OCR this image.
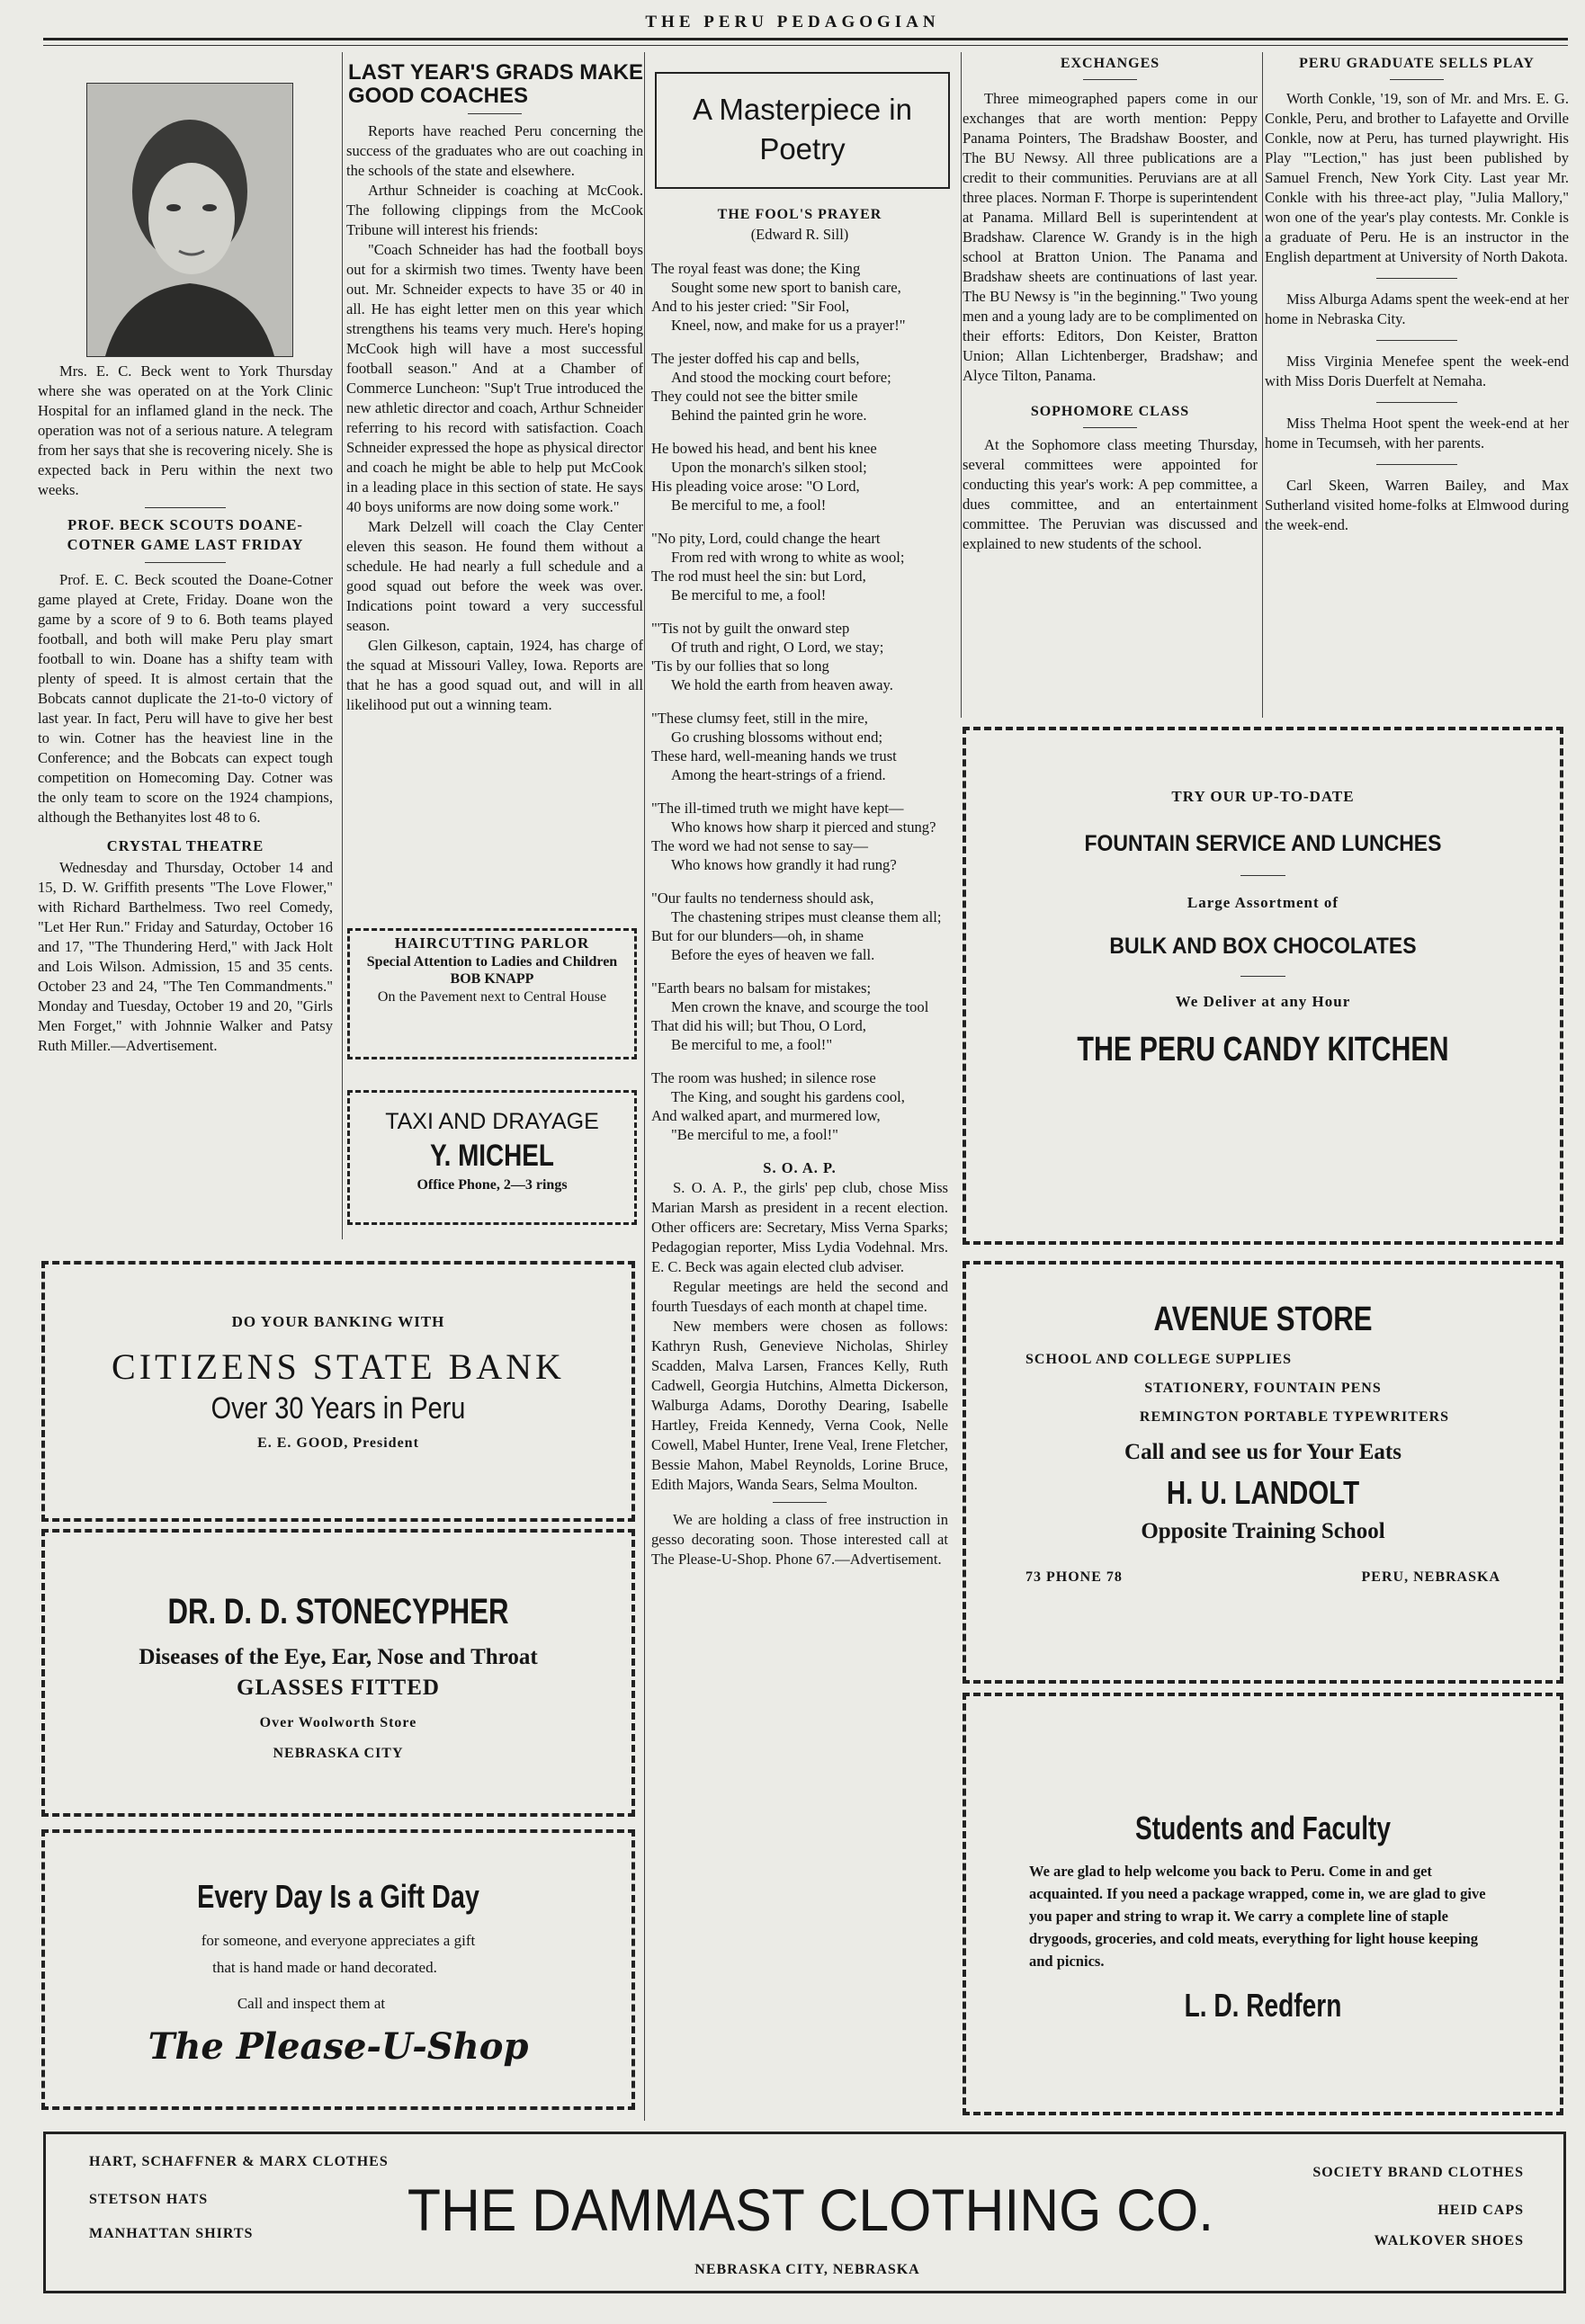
THE PERU PEDAGOGIAN

Mrs. E. C. Beck went to York Thursday where she was operated on at the York Clinic Hospital for an inflamed gland in the neck. The operation was not of a serious nature. A telegram from her says that she is recovering nicely. She is expected back in Peru within the next two weeks.

PROF. BECK SCOUTS DOANE-COTNER GAME LAST FRIDAY

Prof. E. C. Beck scouted the Doane-Cotner game played at Crete, Friday. Doane won the game by a score of 9 to 6. Both teams played football, and both will make Peru play smart football to win. Doane has a shifty team with plenty of speed. It is almost certain that the Bobcats cannot duplicate the 21-to-0 victory of last year. In fact, Peru will have to give her best to win. Cotner has the heaviest line in the Conference; and the Bobcats can expect tough competition on Homecoming Day. Cotner was the only team to score on the 1924 champions, although the Bethanyites lost 48 to 6.

CRYSTAL THEATRE

Wednesday and Thursday, October 14 and 15, D. W. Griffith presents "The Love Flower," with Richard Barthelmess. Two reel Comedy, "Let Her Run." Friday and Saturday, October 16 and 17, "The Thundering Herd," with Jack Holt and Lois Wilson. Admission, 15 and 35 cents. October 23 and 24, "The Ten Commandments." Monday and Tuesday, October 19 and 20, "Girls Men Forget," with Johnnie Walker and Patsy Ruth Miller.—Advertisement.

LAST YEAR'S GRADS MAKE GOOD COACHES

Reports have reached Peru concerning the success of the graduates who are out coaching in the schools of the state and elsewhere.

Arthur Schneider is coaching at McCook. The following clippings from the McCook Tribune will interest his friends:

"Coach Schneider has had the football boys out for a skirmish two times. Twenty have been out. Mr. Schneider expects to have 35 or 40 in all. He has eight letter men on this year which strengthens his teams very much. Here's hoping McCook high will have a most successful football season." And at a Chamber of Commerce Luncheon: "Sup't True introduced the new athletic director and coach, Arthur Schneider referring to his record with satisfaction. Coach Schneider expressed the hope as physical director and coach he might be able to help put McCook in a leading place in this section of state. He says 40 boys uniforms are now doing some work."

Mark Delzell will coach the Clay Center eleven this season. He found them without a schedule. He had nearly a full schedule and a good squad out before the week was over. Indications point toward a very successful season.

Glen Gilkeson, captain, 1924, has charge of the squad at Missouri Valley, Iowa. Reports are that he has a good squad out, and will in all likelihood put out a winning team.

HAIRCUTTING PARLOR
Special Attention to Ladies and Children
BOB KNAPP
On the Pavement next to Central House
TAXI AND DRAYAGE
Y. MICHEL
Office Phone, 2—3 rings
A Masterpiece in Poetry
THE FOOL'S PRAYER
(Edward R. Sill)

The royal feast was done; the King
Sought some new sport to banish care,
And to his jester cried: "Sir Fool,
Kneel, now, and make for us a prayer!"

The jester doffed his cap and bells,
And stood the mocking court before;
They could not see the bitter smile
Behind the painted grin he wore.

He bowed his head, and bent his knee
Upon the monarch's silken stool;
His pleading voice arose: "O Lord,
Be merciful to me, a fool!

"No pity, Lord, could change the heart
From red with wrong to white as wool;
The rod must heel the sin: but Lord,
Be merciful to me, a fool!

"'Tis not by guilt the onward step
Of truth and right, O Lord, we stay;
'Tis by our follies that so long
We hold the earth from heaven away.

"These clumsy feet, still in the mire,
Go crushing blossoms without end;
These hard, well-meaning hands we trust
Among the heart-strings of a friend.

"The ill-timed truth we might have kept—
Who knows how sharp it pierced and stung?
The word we had not sense to say—
Who knows how grandly it had rung?

"Our faults no tenderness should ask,
The chastening stripes must cleanse them all;
But for our blunders—oh, in shame
Before the eyes of heaven we fall.

"Earth bears no balsam for mistakes;
Men crown the knave, and scourge the tool
That did his will; but Thou, O Lord,
Be merciful to me, a fool!"

The room was hushed; in silence rose
The King, and sought his gardens cool,
And walked apart, and murmered low,
"Be merciful to me, a fool!"

S. O. A. P.

S. O. A. P., the girls' pep club, chose Miss Marian Marsh as president in a recent election. Other officers are: Secretary, Miss Verna Sparks; Pedagogian reporter, Miss Lydia Vodehnal. Mrs. E. C. Beck was again elected club adviser.

Regular meetings are held the second and fourth Tuesdays of each month at chapel time.

New members were chosen as follows: Kathryn Rush, Genevieve Nicholas, Shirley Scadden, Malva Larsen, Frances Kelly, Ruth Cadwell, Georgia Hutchins, Almetta Dickerson, Walburga Adams, Dorothy Dearing, Isabelle Hartley, Freida Kennedy, Verna Cook, Nelle Cowell, Mabel Hunter, Irene Veal, Irene Fletcher, Bessie Mahon, Mabel Reynolds, Lorine Bruce, Edith Majors, Wanda Sears, Selma Moulton.

We are holding a class of free instruction in gesso decorating soon. Those interested call at The Please-U-Shop. Phone 67.—Advertisement.

EXCHANGES

Three mimeographed papers come in our exchanges that are worth mention: Peppy Panama Pointers, The Bradshaw Booster, and The BU Newsy. All three publications are a credit to their communities. Peruvians are at all three places. Norman F. Thorpe is superintendent at Panama. Millard Bell is superintendent at Bradshaw. Clarence W. Grandy is in the high school at Bratton Union. The Panama and Bradshaw sheets are continuations of last year. The BU Newsy is "in the beginning." Two young men and a young lady are to be complimented on their efforts: Editors, Don Keister, Bratton Union; Allan Lichtenberger, Bradshaw; and Alyce Tilton, Panama.

SOPHOMORE CLASS

At the Sophomore class meeting Thursday, several committees were appointed for conducting this year's work: A pep committee, a dues committee, and an entertainment committee. The Peruvian was discussed and explained to new students of the school.

PERU GRADUATE SELLS PLAY

Worth Conkle, '19, son of Mr. and Mrs. E. G. Conkle, Peru, and brother to Lafayette and Orville Conkle, now at Peru, has turned playwright. His Play "'Lection," has just been published by Samuel French, New York City. Last year Mr. Conkle with his three-act play, "Julia Mallory," won one of the year's play contests. Mr. Conkle is a graduate of Peru. He is an instructor in the English department at University of North Dakota.

Miss Alburga Adams spent the week-end at her home in Nebraska City.

Miss Virginia Menefee spent the week-end with Miss Doris Duerfelt at Nemaha.

Miss Thelma Hoot spent the week-end at her home in Tecumseh, with her parents.

Carl Skeen, Warren Bailey, and Max Sutherland visited home-folks at Elmwood during the week-end.

TRY OUR UP-TO-DATE
FOUNTAIN SERVICE AND LUNCHES
Large Assortment of
BULK AND BOX CHOCOLATES
We Deliver at any Hour
THE PERU CANDY KITCHEN
DO YOUR BANKING WITH
CITIZENS STATE BANK
Over 30 Years in Peru
E. E. GOOD, President
AVENUE STORE
SCHOOL AND COLLEGE SUPPLIES
STATIONERY, FOUNTAIN PENS
REMINGTON PORTABLE TYPEWRITERS
Call and see us for Your Eats
H. U. LANDOLT
Opposite Training School
73 PHONE 78	PERU, NEBRASKA
DR. D. D. STONECYPHER
Diseases of the Eye, Ear, Nose and Throat
GLASSES FITTED
Over Woolworth Store
NEBRASKA CITY
Every Day Is a Gift Day
for someone, and everyone appreciates a gift
that is hand made or hand decorated.
Call and inspect them at
The Please-U-Shop
Students and Faculty
We are glad to help welcome you back to Peru. Come in and get acquainted. If you need a package wrapped, come in, we are glad to give you paper and string to wrap it. We carry a complete line of staple drygoods, groceries, and cold meats, everything for light house keeping and picnics.
L. D. Redfern
HART, SCHAFFNER & MARX CLOTHES
STETSON HATS
MANHATTAN SHIRTS	THE DAMMAST CLOTHING CO.
NEBRASKA CITY, NEBRASKA
SOCIETY BRAND CLOTHES
HEID CAPS
WALKOVER SHOES
